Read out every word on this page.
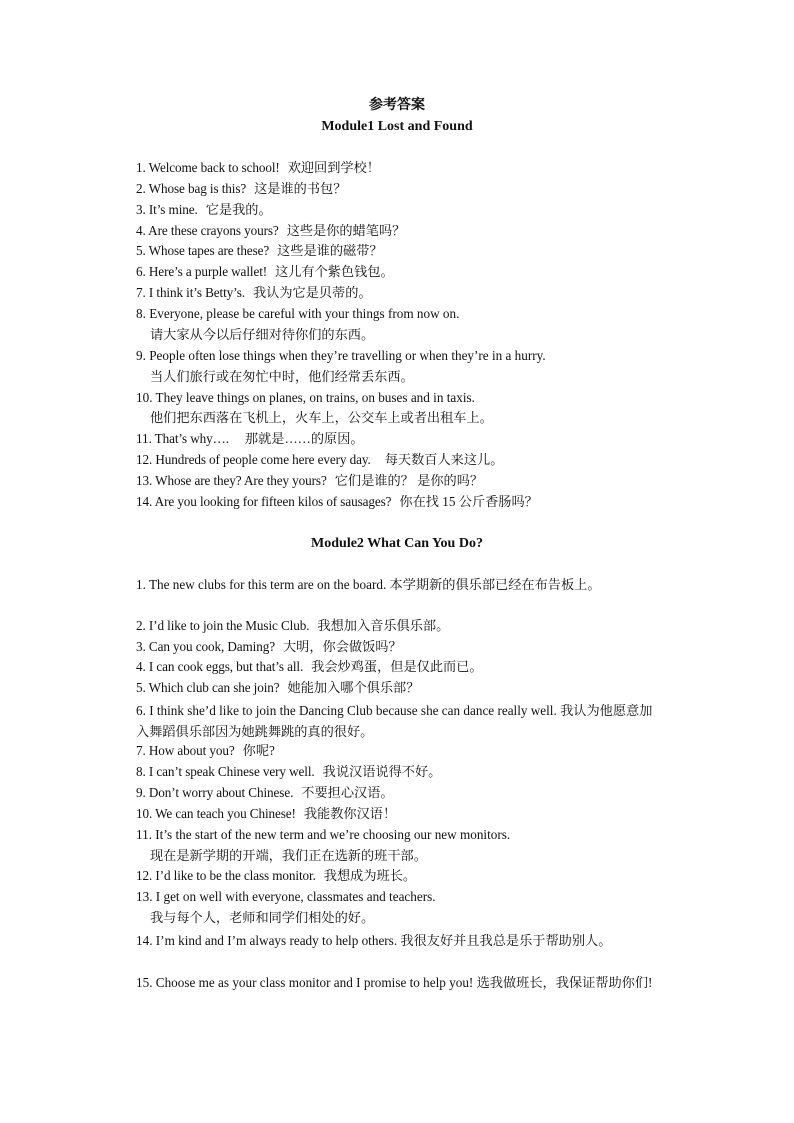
参考答案
Module1 Lost and Found
1. Welcome back to school! 欢迎回到学校！
2. Whose bag is this? 这是谁的书包？
3. It’s mine. 它是我的。
4. Are these crayons yours? 这些是你的蜡笔吗？
5. Whose tapes are these? 这些是谁的磁带？
6. Here’s a purple wallet! 这儿有个紫色钱包。
7. I think it’s Betty’s. 我认为它是贝蒂的。
8. Everyone, please be careful with your things from now on.
请大家从今以后仔细对待你们的东西。
9. People often lose things when they’re travelling or when they’re in a hurry.
当人们旅行或在匆忙中时，他们经常丢东西。
10. They leave things on planes, on trains, on buses and in taxis.
他们把东西落在飞机上，火车上，公交车上或者出租车上。
11. That’s why…. 那就是……的原因。
12. Hundreds of people come here every day. 每天数百人来这儿。
13. Whose are they? Are they yours? 它们是谁的？ 是你的吗？
14. Are you looking for fifteen kilos of sausages? 你在找 15 公斤香肠吗？
Module2 What Can You Do?
1. The new clubs for this term are on the board. 本学期新的俱乐部已经在布告板上。
2. I’d like to join the Music Club. 我想加入音乐俱乐部。
3. Can you cook, Daming? 大明，你会做饭吗？
4. I can cook eggs, but that’s all. 我会炒鸡蛋，但是仅此而已。
5. Which club can she join? 她能加入哪个俱乐部？
6. I think she’d like to join the Dancing Club because she can dance really well. 我认为他愿意加入舞蹈俱乐部因为她跳舞跳的真的很好。
7. How about you? 你呢?
8. I can’t speak Chinese very well. 我说汉语说得不好。
9. Don’t worry about Chinese. 不要担心汉语。
10. We can teach you Chinese! 我能教你汉语！
11. It’s the start of the new term and we’re choosing our new monitors.
现在是新学期的开端，我们正在选新的班干部。
12. I’d like to be the class monitor. 我想成为班长。
13. I get on well with everyone, classmates and teachers.
我与每个人，老师和同学们相处的好。
14. I’m kind and I’m always ready to help others. 我很友好并且我总是乐于帮助别人。
15. Choose me as your class monitor and I promise to help you! 选我做班长，我保证帮助你们!
